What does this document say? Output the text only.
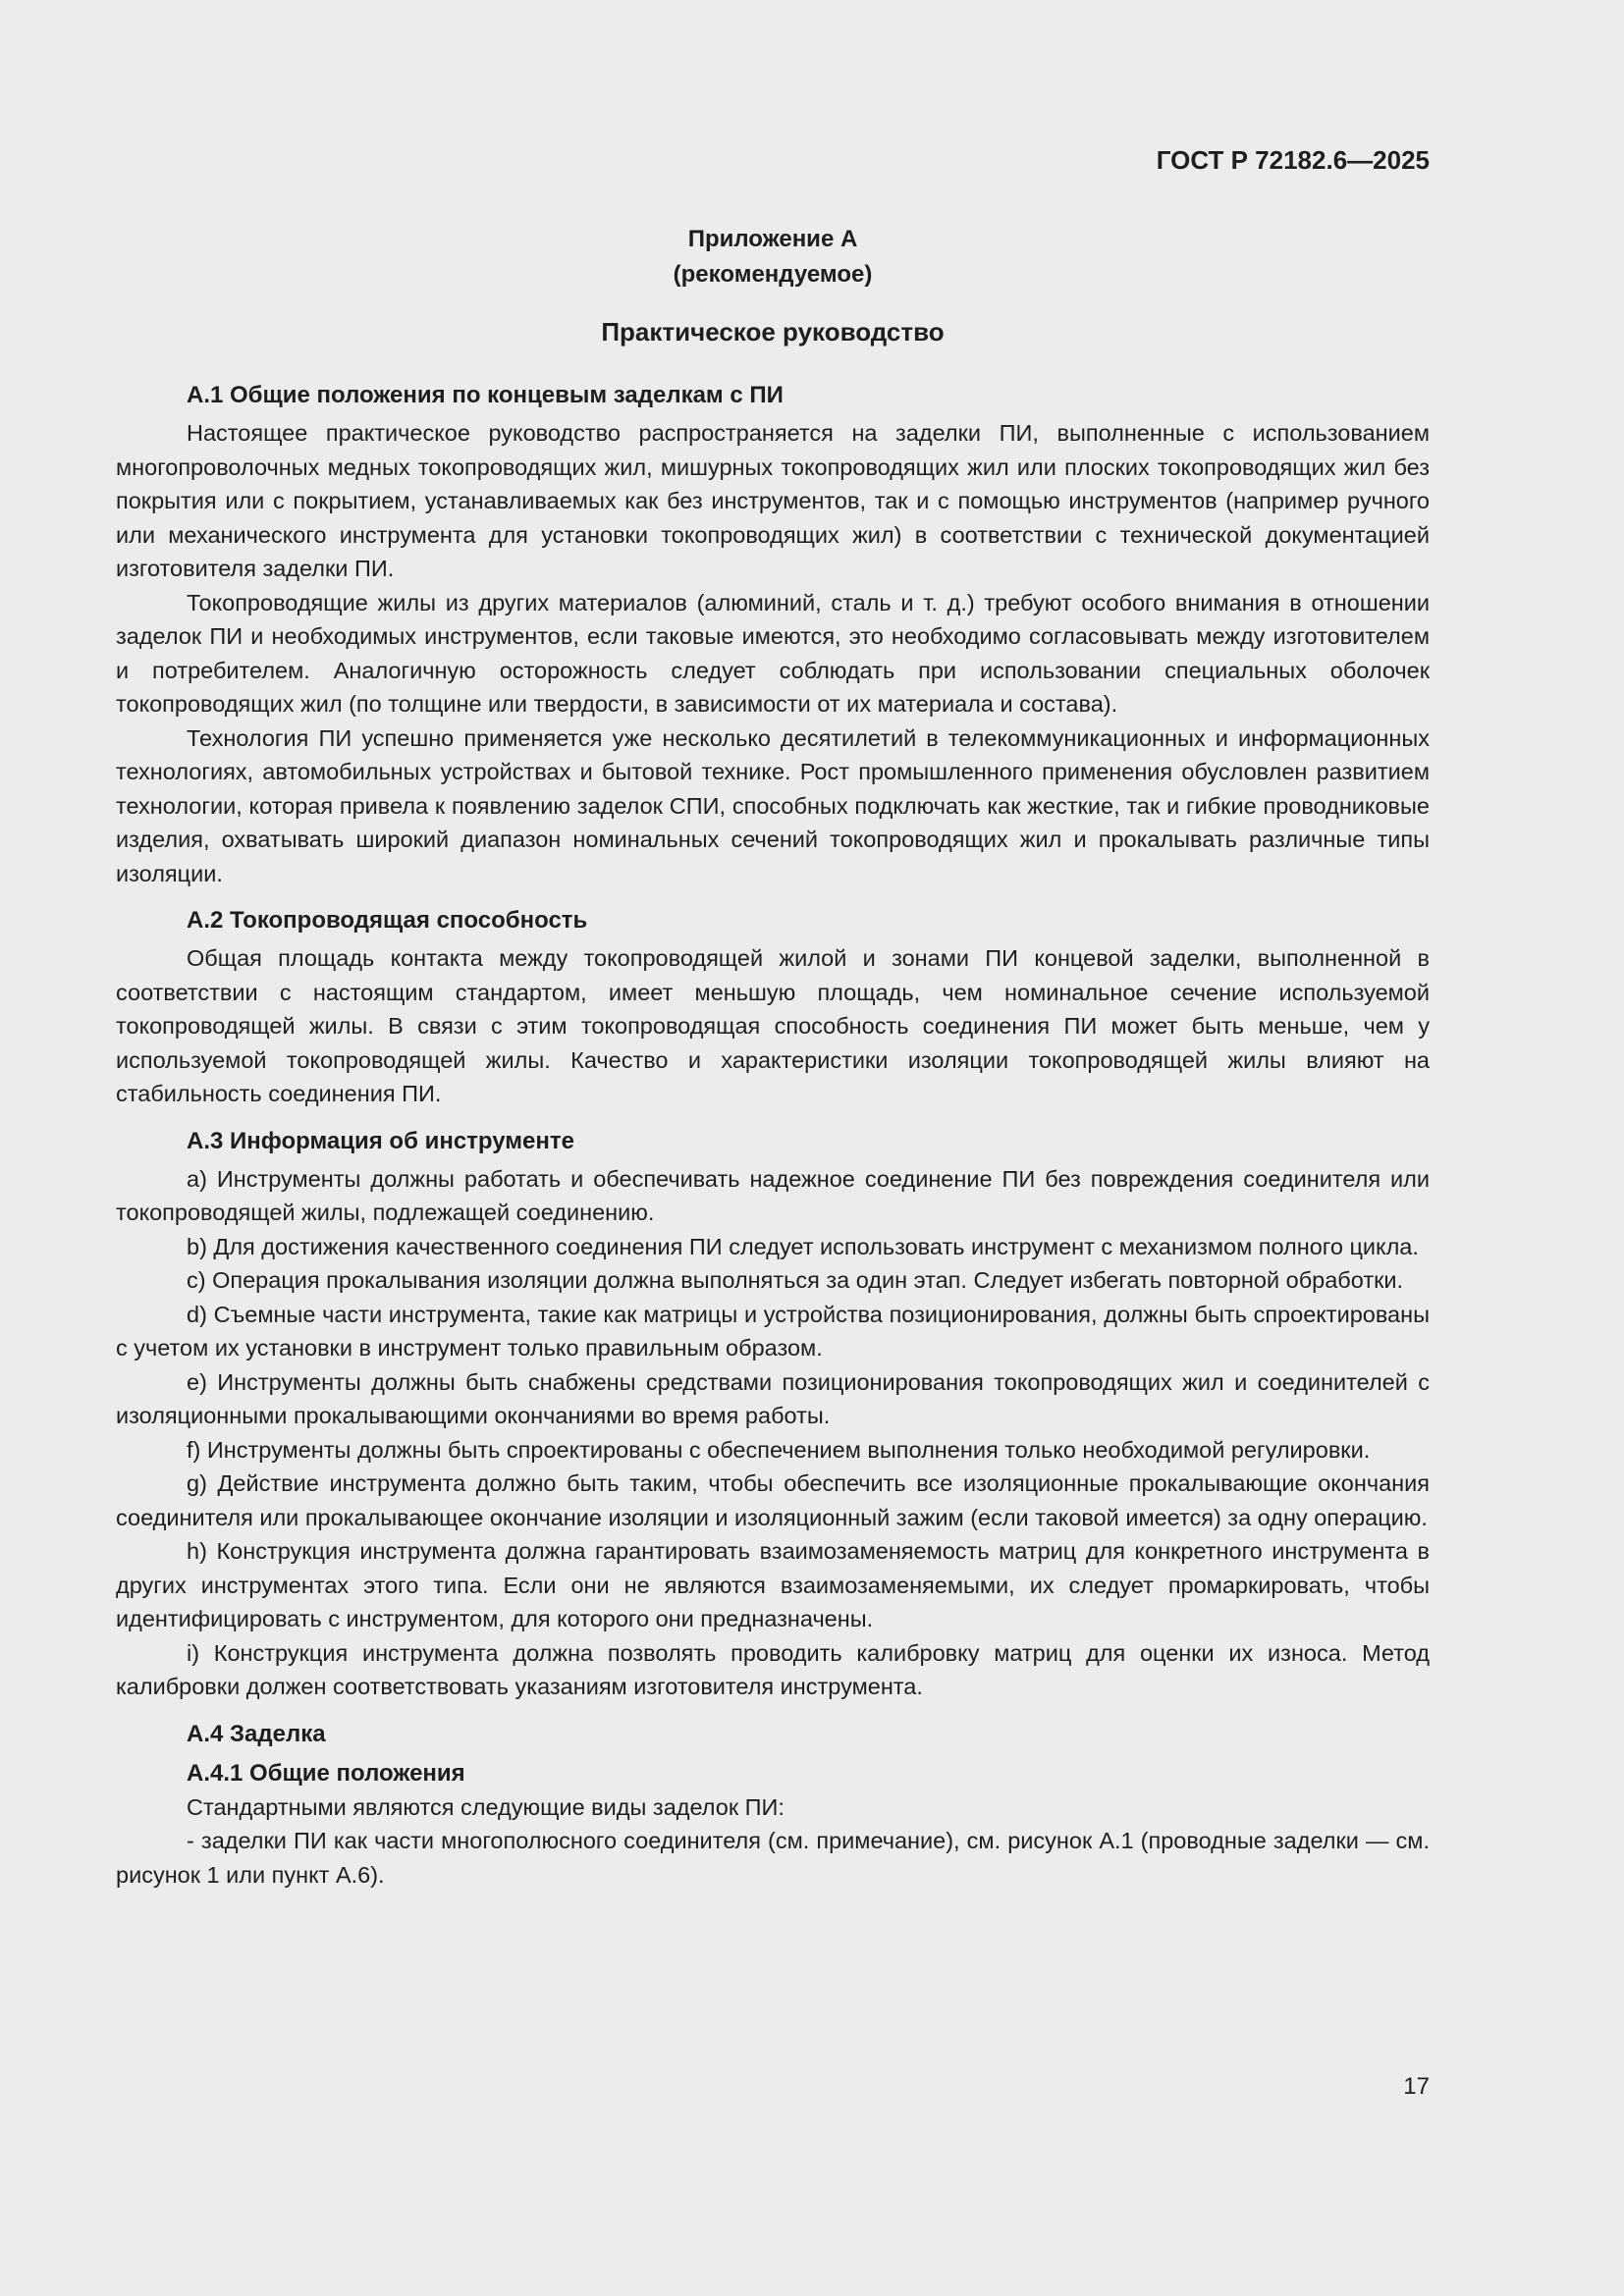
ГОСТ Р 72182.6—2025

Приложение А

(рекомендуемое)

Практическое руководство

А.1 Общие положения по концевым заделкам с ПИ

Настоящее практическое руководство распространяется на заделки ПИ, выполненные с использованием многопроволочных медных токопроводящих жил, мишурных токопроводящих жил или плоских токопроводящих жил без покрытия или с покрытием, устанавливаемых как без инструментов, так и с помощью инструментов (например ручного или механического инструмента для установки токопроводящих жил) в соответствии с технической документацией изготовителя заделки ПИ.

Токопроводящие жилы из других материалов (алюминий, сталь и т. д.) требуют особого внимания в отношении заделок ПИ и необходимых инструментов, если таковые имеются, это необходимо согласовывать между изготовителем и потребителем. Аналогичную осторожность следует соблюдать при использовании специальных оболочек токопроводящих жил (по толщине или твердости, в зависимости от их материала и состава).

Технология ПИ успешно применяется уже несколько десятилетий в телекоммуникационных и информационных технологиях, автомобильных устройствах и бытовой технике. Рост промышленного применения обусловлен развитием технологии, которая привела к появлению заделок СПИ, способных подключать как жесткие, так и гибкие проводниковые изделия, охватывать широкий диапазон номинальных сечений токопроводящих жил и прокалывать различные типы изоляции.

А.2 Токопроводящая способность

Общая площадь контакта между токопроводящей жилой и зонами ПИ концевой заделки, выполненной в соответствии с настоящим стандартом, имеет меньшую площадь, чем номинальное сечение используемой токопроводящей жилы. В связи с этим токопроводящая способность соединения ПИ может быть меньше, чем у используемой токопроводящей жилы. Качество и характеристики изоляции токопроводящей жилы влияют на стабильность соединения ПИ.

А.3 Информация об инструменте

a) Инструменты должны работать и обеспечивать надежное соединение ПИ без повреждения соединителя или токопроводящей жилы, подлежащей соединению.

b) Для достижения качественного соединения ПИ следует использовать инструмент с механизмом полного цикла.

c) Операция прокалывания изоляции должна выполняться за один этап. Следует избегать повторной обработки.

d) Съемные части инструмента, такие как матрицы и устройства позиционирования, должны быть спроектированы с учетом их установки в инструмент только правильным образом.

e) Инструменты должны быть снабжены средствами позиционирования токопроводящих жил и соединителей с изоляционными прокалывающими окончаниями во время работы.

f) Инструменты должны быть спроектированы с обеспечением выполнения только необходимой регулировки.

g) Действие инструмента должно быть таким, чтобы обеспечить все изоляционные прокалывающие окончания соединителя или прокалывающее окончание изоляции и изоляционный зажим (если таковой имеется) за одну операцию.

h) Конструкция инструмента должна гарантировать взаимозаменяемость матриц для конкретного инструмента в других инструментах этого типа. Если они не являются взаимозаменяемыми, их следует промаркировать, чтобы идентифицировать с инструментом, для которого они предназначены.

i) Конструкция инструмента должна позволять проводить калибровку матриц для оценки их износа. Метод калибровки должен соответствовать указаниям изготовителя инструмента.

А.4 Заделка
А.4.1 Общие положения

Стандартными являются следующие виды заделок ПИ:

- заделки ПИ как части многополюсного соединителя (см. примечание), см. рисунок А.1 (проводные заделки — см. рисунок 1 или пункт А.6).

17
